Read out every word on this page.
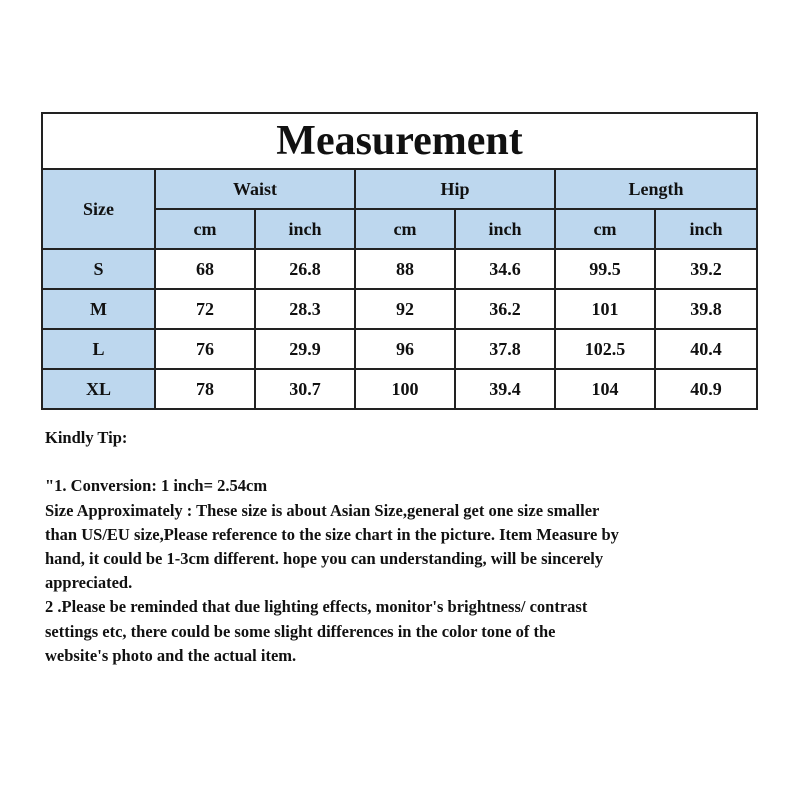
Measurement						
Size	Waist		Hip		Length	
	cm	inch	cm	inch	cm	inch
S	68	26.8	88	34.6	99.5	39.2
M	72	28.3	92	36.2	101	39.8
L	76	29.9	96	37.8	102.5	40.4
XL	78	30.7	100	39.4	104	40.9

Kindly Tip:

"1. Conversion: 1 inch= 2.54cm

Size Approximately : These size is about Asian Size,general get one size smaller

than US/EU size,Please reference to the size chart in the picture. Item Measure by

hand, it could be 1-3cm different. hope you can understanding, will be sincerely

appreciated.

2 .Please be reminded that due lighting effects, monitor's brightness/ contrast

settings etc, there could be some slight differences in the color tone of the

website's photo and the actual item.
